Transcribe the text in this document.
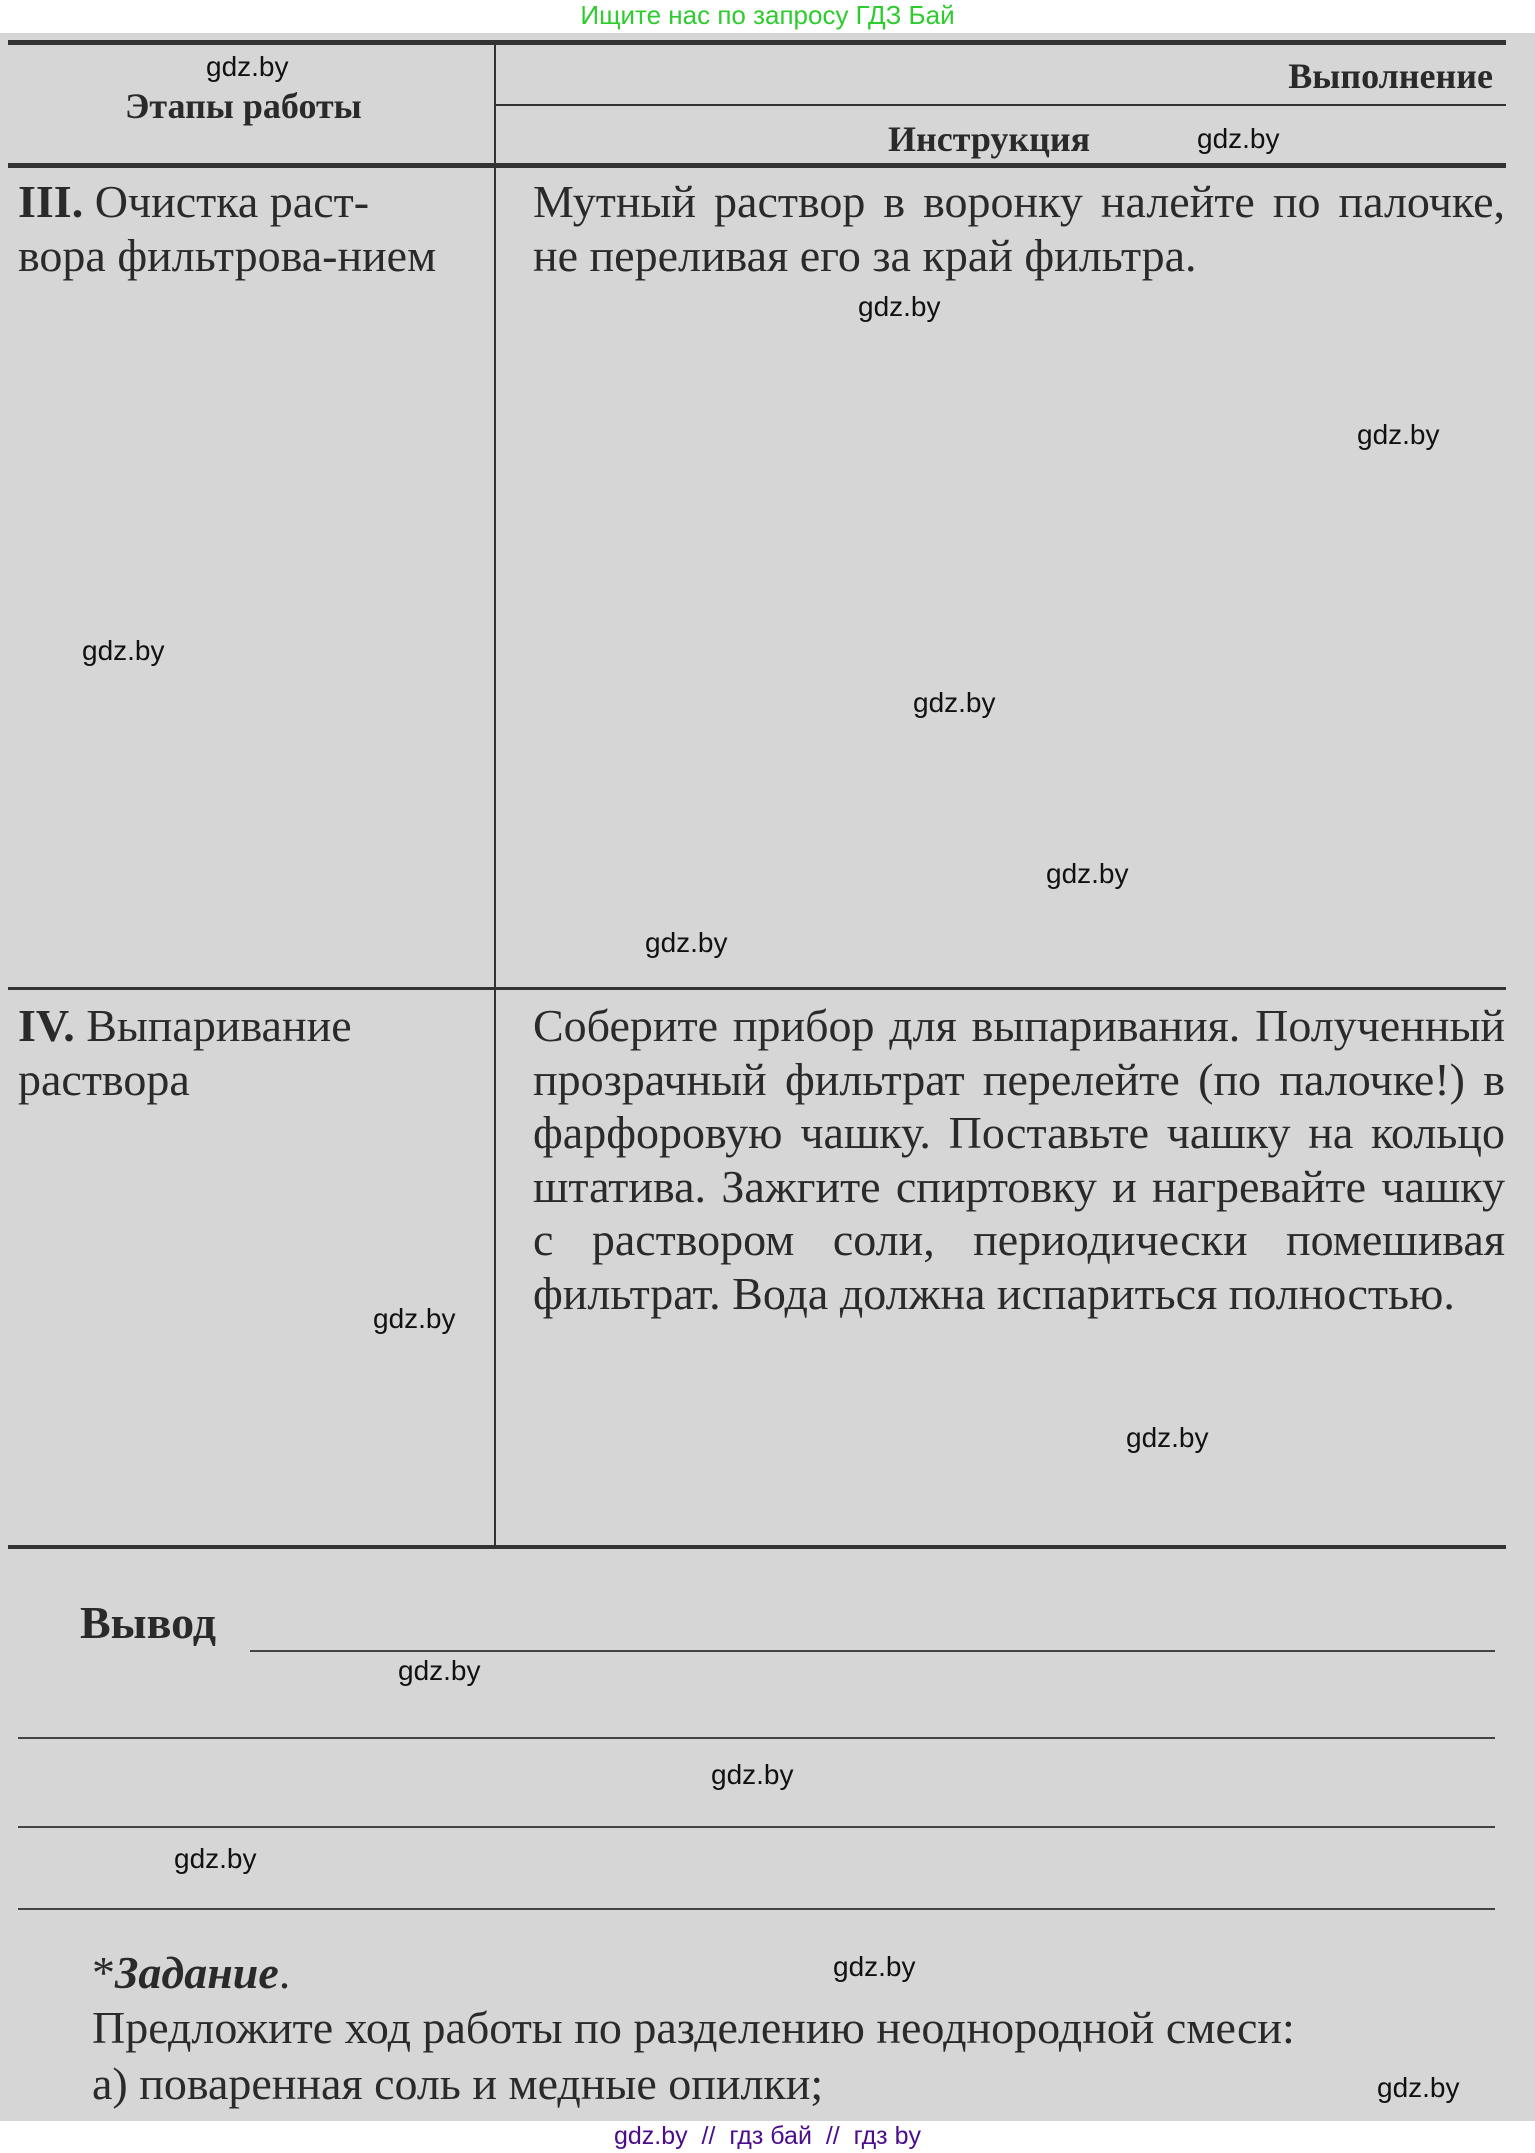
Ищите нас по запросу ГДЗ Бай
Этапы работы
Выполнение
Инструкция
III. Очистка раст-вора фильтрова-нием
Мутный раствор в воронку налейте по палочке, не переливая его за край фильтра.
IV. Выпаривание раствора
Соберите прибор для выпаривания. Полученный прозрачный фильтрат перелейте (по палочке!) в фарфоровую чашку. Поставьте чашку на кольцо штатива. Зажгите спиртовку и нагревайте чашку с раствором соли, периодически помешивая фильтрат. Вода должна испариться полностью.
Вывод
*Задание.
Предложите ход работы по разделению неоднородной смеси:
а) поваренная соль и медные опилки;
gdz.by
gdz.by
gdz.by
gdz.by
gdz.by
gdz.by
gdz.by
gdz.by
gdz.by
gdz.by
gdz.by
gdz.by
gdz.by
gdz.by
gdz.by
gdz.by  //  гдз бай  //  гдз by
